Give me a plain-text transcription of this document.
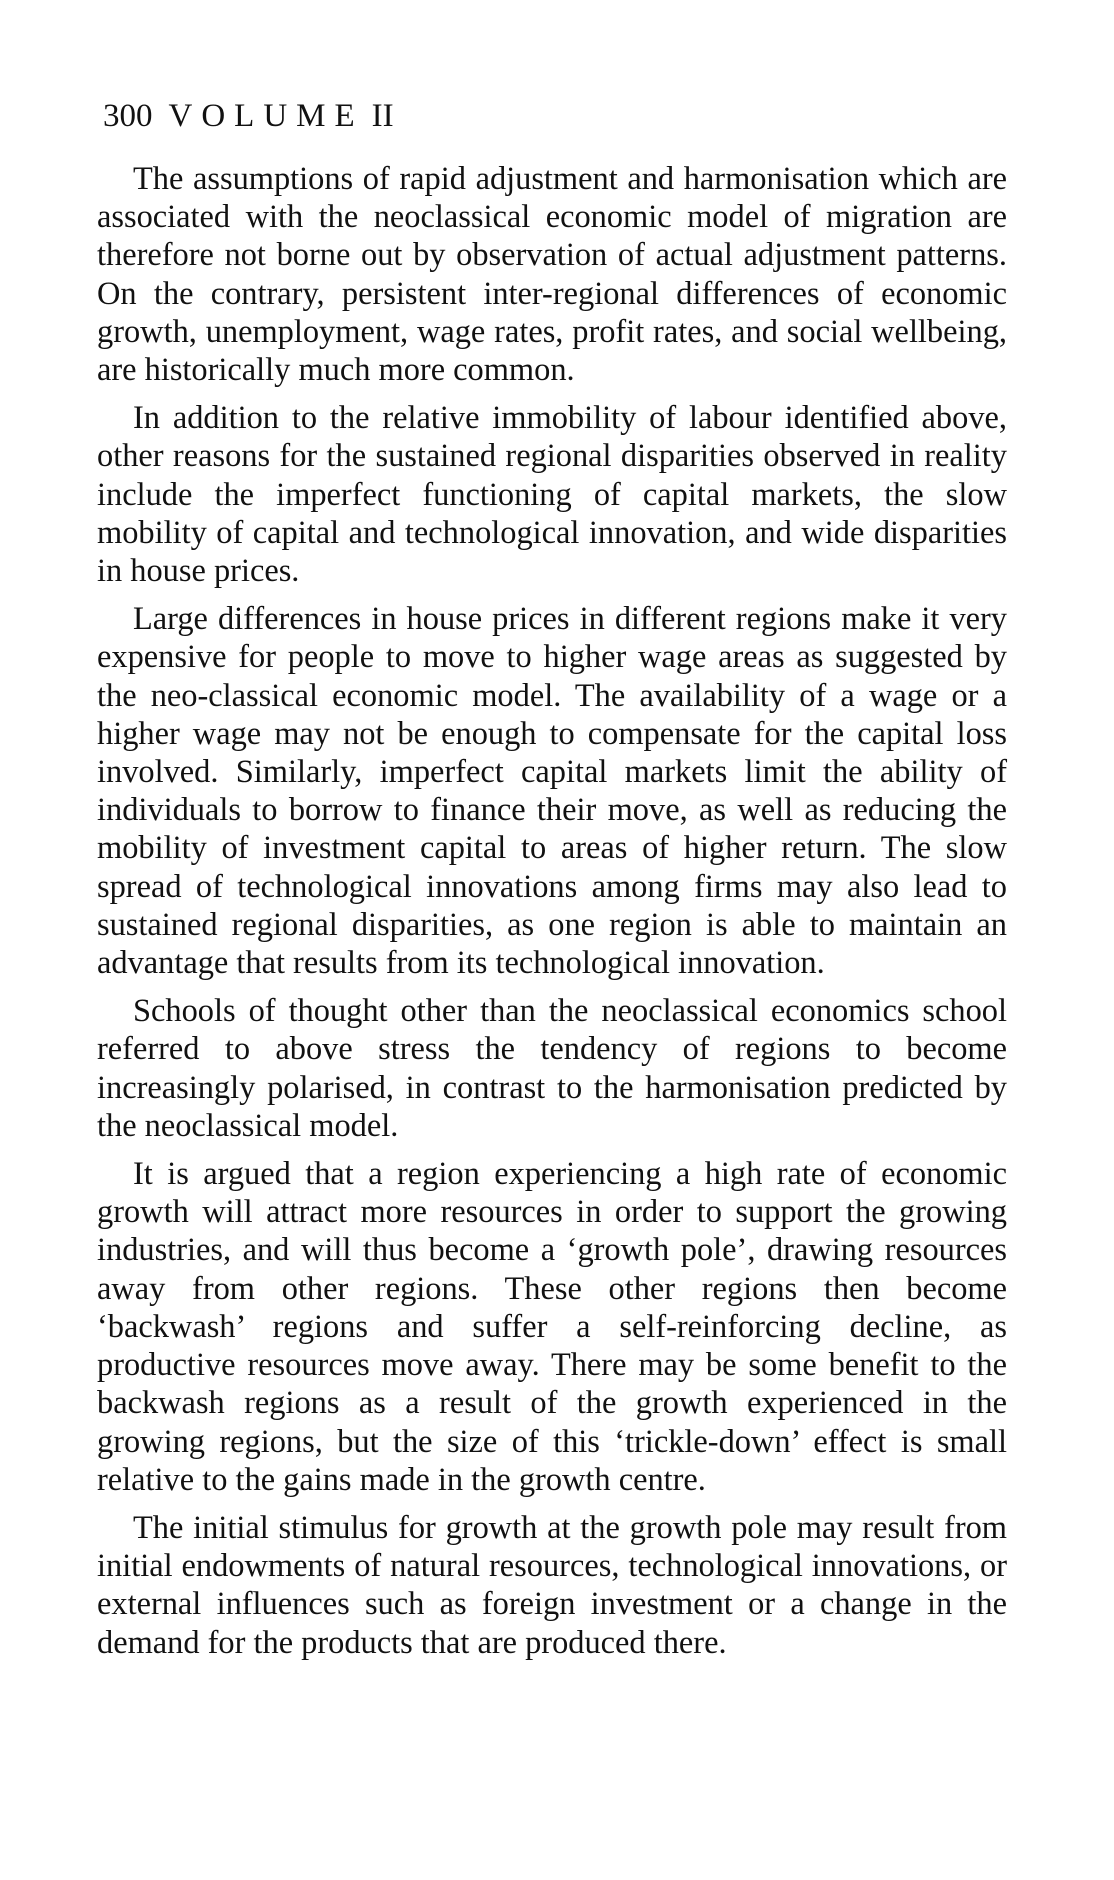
300 VOLUME II

The assumptions of rapid adjustment and harmonisation which are associated with the neoclassical economic model of migration are therefore not borne out by observation of actual adjustment patterns. On the contrary, persistent inter-regional differences of economic growth, unemployment, wage rates, profit rates, and social wellbeing, are historically much more common.

In addition to the relative immobility of labour identified above, other reasons for the sustained regional disparities observed in reality include the imperfect functioning of capital markets, the slow mobility of capital and technological innovation, and wide disparities in house prices.

Large differences in house prices in different regions make it very expensive for people to move to higher wage areas as suggested by the neo-classical economic model. The availability of a wage or a higher wage may not be enough to compensate for the capital loss involved. Similarly, imperfect capital markets limit the ability of individuals to borrow to finance their move, as well as reducing the mobility of investment capital to areas of higher return. The slow spread of technological innovations among firms may also lead to sustained regional disparities, as one region is able to maintain an advantage that results from its technological innovation.

Schools of thought other than the neoclassical economics school referred to above stress the tendency of regions to become increasingly polarised, in contrast to the harmonisation predicted by the neoclassical model.

It is argued that a region experiencing a high rate of economic growth will attract more resources in order to support the growing industries, and will thus become a ‘growth pole’, drawing resources away from other regions. These other regions then become ‘backwash’ regions and suffer a self-reinforcing decline, as productive resources move away. There may be some benefit to the backwash regions as a result of the growth experienced in the growing regions, but the size of this ‘trickle-down’ effect is small relative to the gains made in the growth centre.

The initial stimulus for growth at the growth pole may result from initial endowments of natural resources, technological innovations, or external influences such as foreign investment or a change in the demand for the products that are produced there.
